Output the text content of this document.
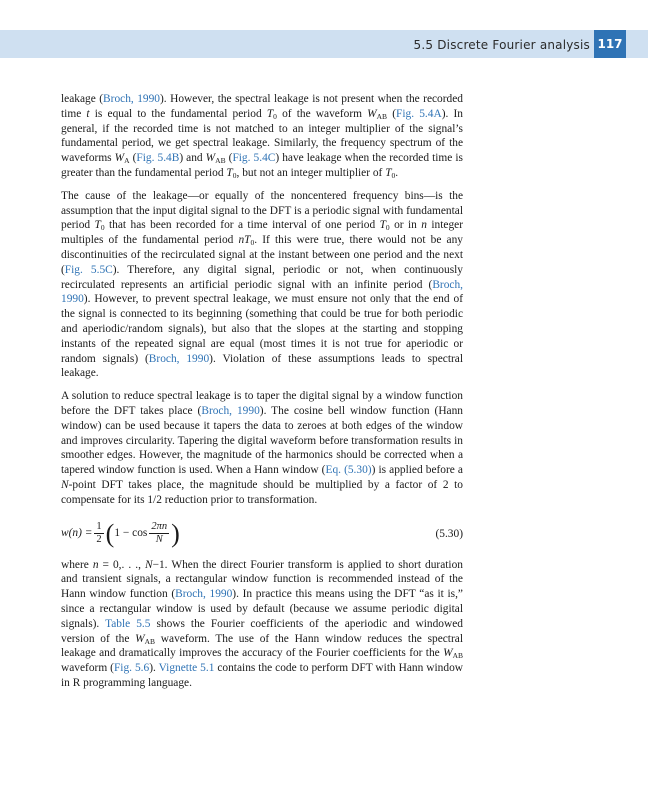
5.5 Discrete Fourier analysis 117

leakage (Broch, 1990). However, the spectral leakage is not present when the recorded time t is equal to the fundamental period $T_0$ of the waveform $W_{AB}$ (Fig. 5.4A). In general, if the recorded time is not matched to an integer multiplier of the signal’s fundamental period, we get spectral leakage. Similarly, the frequency spectrum of the waveforms $W_A$ (Fig. 5.4B) and $W_{AB}$ (Fig. 5.4C) have leakage when the recorded time is greater than the fundamental period $T_0$, but not an integer multiplier of $T_0$.

The cause of the leakage—or equally of the noncentered frequency bins—is the assumption that the input digital signal to the DFT is a periodic signal with fundamental period $T_0$ that has been recorded for a time interval of one period $T_0$ or in n integer multiples of the fundamental period $nT_0$. If this were true, there would not be any discontinuities of the recirculated signal at the instant between one period and the next (Fig. 5.5C). Therefore, any digital signal, periodic or not, when continuously recirculated represents an artificial periodic signal with an infinite period (Broch, 1990). However, to prevent spectral leakage, we must ensure not only that the end of the signal is connected to its beginning (something that could be true for both periodic and aperiodic/random signals), but also that the slopes at the starting and stopping instants of the repeated signal are equal (most times it is not true for aperiodic or random signals) (Broch, 1990). Violation of these assumptions leads to spectral leakage.

A solution to reduce spectral leakage is to taper the digital signal by a window function before the DFT takes place (Broch, 1990). The cosine bell window function (Hann window) can be used because it tapers the data to zeroes at both edges of the window and improves circularity. Tapering the digital waveform before transformation results in smoother edges. However, the magnitude of the harmonics should be corrected when a tapered window function is used. When a Hann window (Eq. (5.30)) is applied before a N-point DFT takes place, the magnitude should be multiplied by a factor of 2 to compensate for its 1/2 reduction prior to transformation.

$w(n) = \frac{1}{2}$ ( $1 - \cos \frac{2\pi n}{N}$ )	(5.30)

where n = 0,. . ., N−1. When the direct Fourier transform is applied to short duration and transient signals, a rectangular window function is recommended instead of the Hann window function (Broch, 1990). In practice this means using the DFT “as it is,” since a rectangular window is used by default (because we assume periodic digital signals). Table 5.5 shows the Fourier coefficients of the aperiodic and windowed version of the $W_{AB}$ waveform. The use of the Hann window reduces the spectral leakage and dramatically improves the accuracy of the Fourier coefficients for the $W_{AB}$ waveform (Fig. 5.6). Vignette 5.1 contains the code to perform DFT with Hann window in R programming language.
